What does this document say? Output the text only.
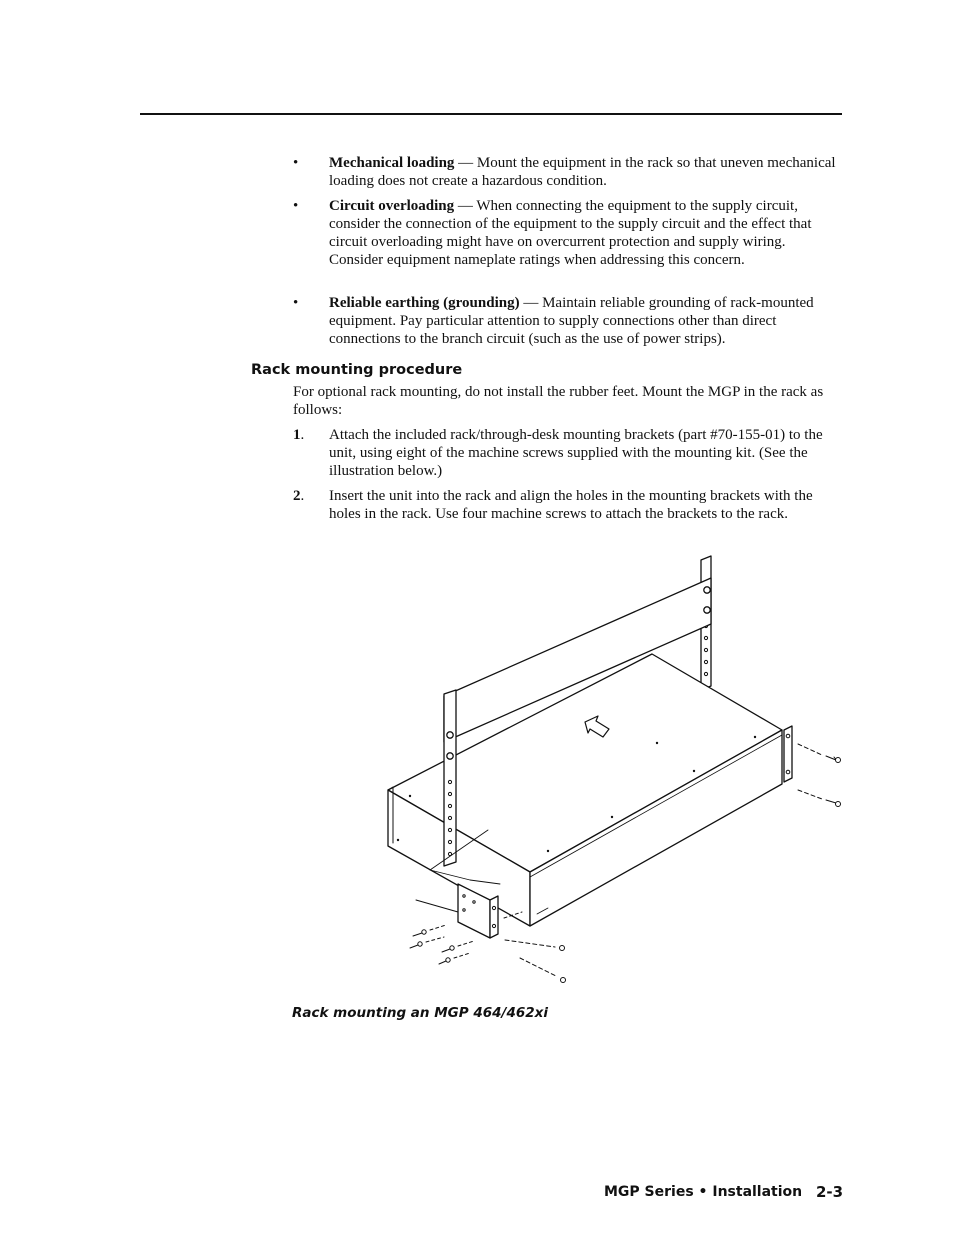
•	Mechanical loading — Mount the equipment in the rack so that uneven mechanical loading does not create a hazardous condition.
•	Circuit overloading — When connecting the equipment to the supply circuit, consider the connection of the equipment to the supply circuit and the effect that circuit overloading might have on overcurrent protection and supply wiring. Consider equipment nameplate ratings when addressing this concern.
•	Reliable earthing (grounding) — Maintain reliable grounding of rack-mounted equipment. Pay particular attention to supply connections other than direct connections to the branch circuit (such as the use of power strips).
Rack mounting procedure
For optional rack mounting, do not install the rubber feet. Mount the MGP in the rack as follows:
1. Attach the included rack/through-desk mounting brackets (part #70-155-01) to the unit, using eight of the machine screws supplied with the mounting kit. (See the illustration below.)
2. Insert the unit into the rack and align the holes in the mounting brackets with the holes in the rack. Use four machine screws to attach the brackets to the rack.
Rack mounting an MGP 464/462xi
MGP Series • Installation 2-3
